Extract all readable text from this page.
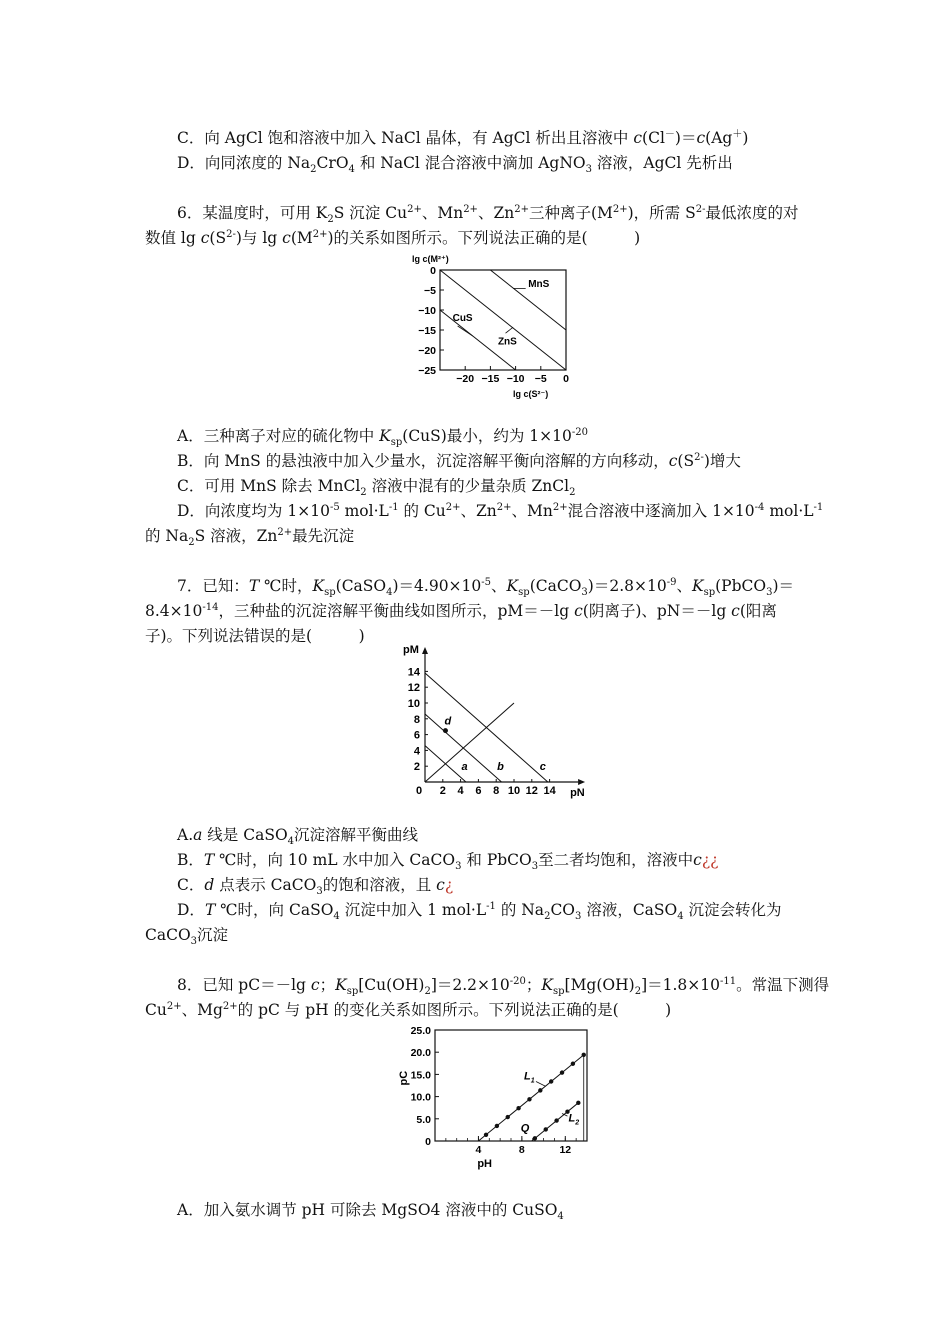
C．向 AgCl 饱和溶液中加入 NaCl 晶体，有 AgCl 析出且溶液中 c(Cl－)＝c(Ag＋)
D．向同浓度的 $Na_2CrO_4$ 和 NaCl 混合溶液中滴加 AgNO$_3$ 溶液，AgCl 先析出
6．某温度时，可用 $K_2S$ 沉淀 $Cu^{2+}$、$Mn^{2+}$、$Zn^{2+}$三种离子$(M^{2+})$，所需 $S^{2-}$最低浓度的对
数值 $\lg c(S^{2-})$与 $\lg c(M^{2+})$的关系如图所示。下列说法正确的是(　　　)
−20 −15 −10 −5 0
0
−5
−10
−15
−20
−25
lg c(M²⁺)
lg c(S²⁻)
CuS
ZnS
MnS
A．三种离子对应的硫化物中 $K_{sp}(CuS)$最小，约为 $1\times 10^{-20}$
B．向 MnS 的悬浊液中加入少量水，沉淀溶解平衡向溶解的方向移动，$c(S^{2-})$增大
C．可用 MnS 除去 MnCl$_2$ 溶液中混有的少量杂质 ZnCl$_2$
D．向浓度均为 $1\times 10^{-5}$ $mol\cdot L^{-1}$ 的 $Cu^{2+}$、$Zn^{2+}$、$Mn^{2+}$混合溶液中逐滴加入 $1\times 10^{-4}$ $mol\cdot L^{-1}$
的 $Na_2S$ 溶液，$Zn^{2+}$最先沉淀
7．已知：T ℃时，$K_{sp}(CaSO_4)=4.90\times 10^{-5}$、$K_{sp}(CaCO_3)=2.8\times 10^{-9}$、$K_{sp}(PbCO_3)=$
$8.4\times 10^{-14}$，三种盐的沉淀溶解平衡曲线如图所示，pM＝－lg c(阴离子)、pN＝－lg c(阳离
子)。下列说法错误的是(　　　)
0 2 4 6 8 10 12 14
2
4
6
8
10
12
14
pM
pN
a	b	c
d
A.a 线是 CaSO$_4$沉淀溶解平衡曲线
B．T ℃时，向 10 mL 水中加入 CaCO$_3$ 和 PbCO$_3$至二者均饱和，溶液中c¿¿
C．d 点表示 CaCO$_3$的饱和溶液，且 c¿
D．T ℃时，向 CaSO$_4$ 沉淀中加入 1 $mol\cdot L^{-1}$ 的 $Na_2CO_3$ 溶液，CaSO$_4$ 沉淀会转化为
CaCO$_3$沉淀
8．已知 pC＝－lg c；$K_{sp}[Cu(OH)_2]=2.2\times 10^{-20}$；$K_{sp}[Mg(OH)_2]=1.8\times 10^{-11}$。常温下测得
$Cu^{2+}$、$Mg^{2+}$的 pC 与 pH 的变化关系如图所示。下列说法正确的是(　　　)
4	8	12
0
5.0
10.0
15.0
20.0
25.0
pC
pH
$L_1$
$L_2$
Q
A．加入氨水调节 pH 可除去 MgSO4 溶液中的 CuSO$_4$
